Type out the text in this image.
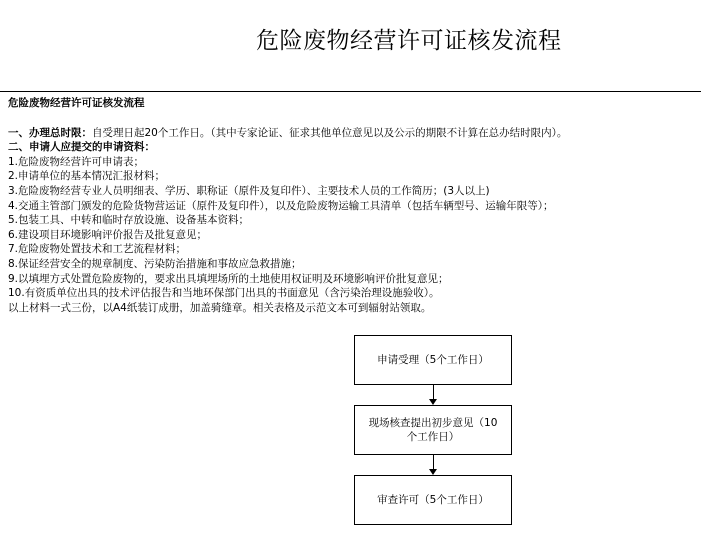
危险废物经营许可证核发流程
危险废物经营许可证核发流程
一、办理总时限：自受理日起20个工作日。（其中专家论证、征求其他单位意见以及公示的期限不计算在总办结时限内）。
二、申请人应提交的申请资料：
1.危险废物经营许可申请表；
2.申请单位的基本情况汇报材料；
3.危险废物经营专业人员明细表、学历、职称证（原件及复印件）、主要技术人员的工作简历；(3人以上)
4.交通主管部门颁发的危险货物营运证（原件及复印件），以及危险废物运输工具清单（包括车辆型号、运输年限等）；
5.包装工具、中转和临时存放设施、设备基本资料；
6.建设项目环境影响评价报告及批复意见；
7.危险废物处置技术和工艺流程材料；
8.保证经营安全的规章制度、污染防治措施和事故应急救措施；
9.以填埋方式处置危险废物的，要求出具填埋场所的土地使用权证明及环境影响评价批复意见；
10.有资质单位出具的技术评估报告和当地环保部门出具的书面意见（含污染治理设施验收）。
以上材料一式三份，以A4纸装订成册，加盖骑缝章。相关表格及示范文本可到辐射站领取。
申请受理（5个工作日）
现场核查提出初步意见（10个工作日）
审查许可（5个工作日）
